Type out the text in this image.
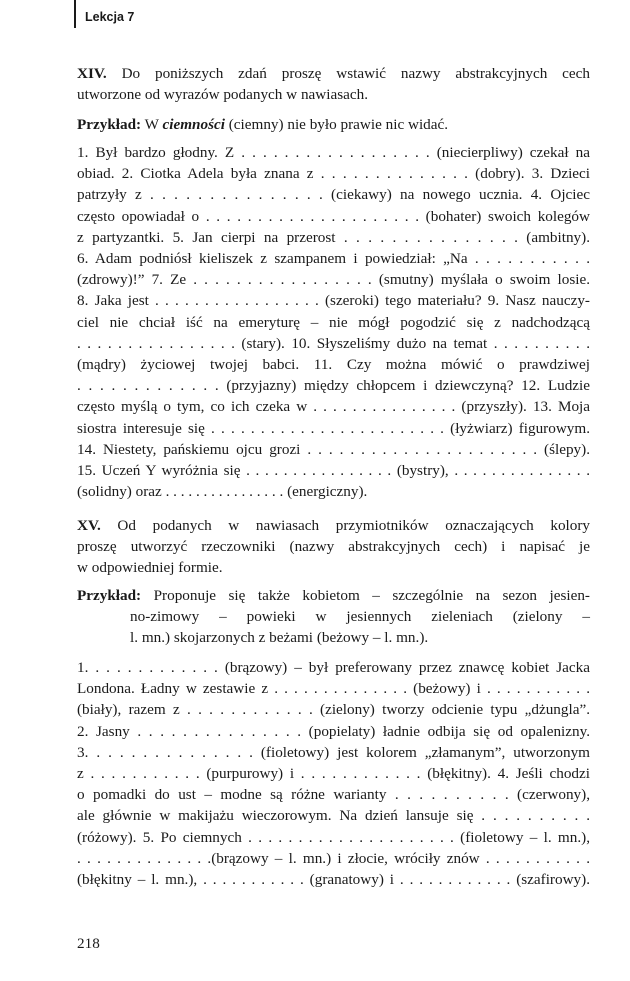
Lekcja 7
XIV. Do poniższych zdań proszę wstawić nazwy abstrakcyjnych cech
utworzone od wyrazów podanych w nawiasach.
Przykład: W ciemności (ciemny) nie było prawie nic widać.
1. Był bardzo głodny. Z . . . . . . . . . . . . . . . . . . (niecierpliwy) czekał na
obiad. 2. Ciotka Adela była znana z . . . . . . . . . . . . . . (dobry). 3. Dzieci
patrzyły z . . . . . . . . . . . . . . . (ciekawy) na nowego ucznia. 4. Ojciec
często opowiadał o . . . . . . . . . . . . . . . . . . . . . (bohater) swoich kolegów
z partyzantki. 5. Jan cierpi na przerost . . . . . . . . . . . . . . . (ambitny).
6. Adam podniósł kieliszek z szampanem i powiedział: „Na . . . . . . . . . . .
(zdrowy)!” 7. Ze . . . . . . . . . . . . . . . . . (smutny) myślała o swoim losie.
8. Jaka jest . . . . . . . . . . . . . . . . . (szeroki) tego materiału? 9. Nasz nauczy-
ciel nie chciał iść na emeryturę – nie mógł pogodzić się z nadchodzącą
. . . . . . . . . . . . . . . . (stary). 10. Słyszeliśmy dużo na temat . . . . . . . . . .
(mądry) życiowej twojej babci. 11. Czy można mówić o prawdziwej
. . . . . . . . . . . . . (przyjazny) między chłopcem i dziewczyną? 12. Ludzie
często myślą o tym, co ich czeka w . . . . . . . . . . . . . . . (przyszły). 13. Moja
siostra interesuje się . . . . . . . . . . . . . . . . . . . . . . . . (łyżwiarz) figurowym.
14. Niestety, pańskiemu ojcu grozi . . . . . . . . . . . . . . . . . . . . . . (ślepy).
15. Uczeń Y wyróżnia się . . . . . . . . . . . . . . . . (bystry), . . . . . . . . . . . . . . .
(solidny) oraz . . . . . . . . . . . . . . . . (energiczny).
XV. Od podanych w nawiasach przymiotników oznaczających kolory
proszę utworzyć rzeczowniki (nazwy abstrakcyjnych cech) i napisać je
w odpowiedniej formie.
Przykład: Proponuje się także kobietom – szczególnie na sezon jesien-
no-zimowy – powieki w jesiennych zieleniach (zielony –
l. mn.) skojarzonych z beżami (beżowy – l. mn.).
1. . . . . . . . . . . . . (brązowy) – był preferowany przez znawcę kobiet Jacka
Londona. Ładny w zestawie z . . . . . . . . . . . . . . (beżowy) i . . . . . . . . . . .
(biały), razem z . . . . . . . . . . . . (zielony) tworzy odcienie typu „dżungla”.
2. Jasny . . . . . . . . . . . . . . . (popielaty) ładnie odbija się od opalenizny.
3. . . . . . . . . . . . . . . (fioletowy) jest kolorem „złamanym”, utworzonym
z . . . . . . . . . . . (purpurowy) i . . . . . . . . . . . . (błękitny). 4. Jeśli chodzi
o pomadki do ust – modne są różne warianty . . . . . . . . . . (czerwony),
ale głównie w makijażu wieczorowym. Na dzień lansuje się . . . . . . . . . .
(różowy). 5. Po ciemnych . . . . . . . . . . . . . . . . . . . . . (fioletowy – l. mn.),
. . . . . . . . . . . . . .(brązowy – l. mn.) i złocie, wróciły znów . . . . . . . . . . .
(błękitny – l. mn.), . . . . . . . . . . . (granatowy) i . . . . . . . . . . . . (szafirowy).
218
